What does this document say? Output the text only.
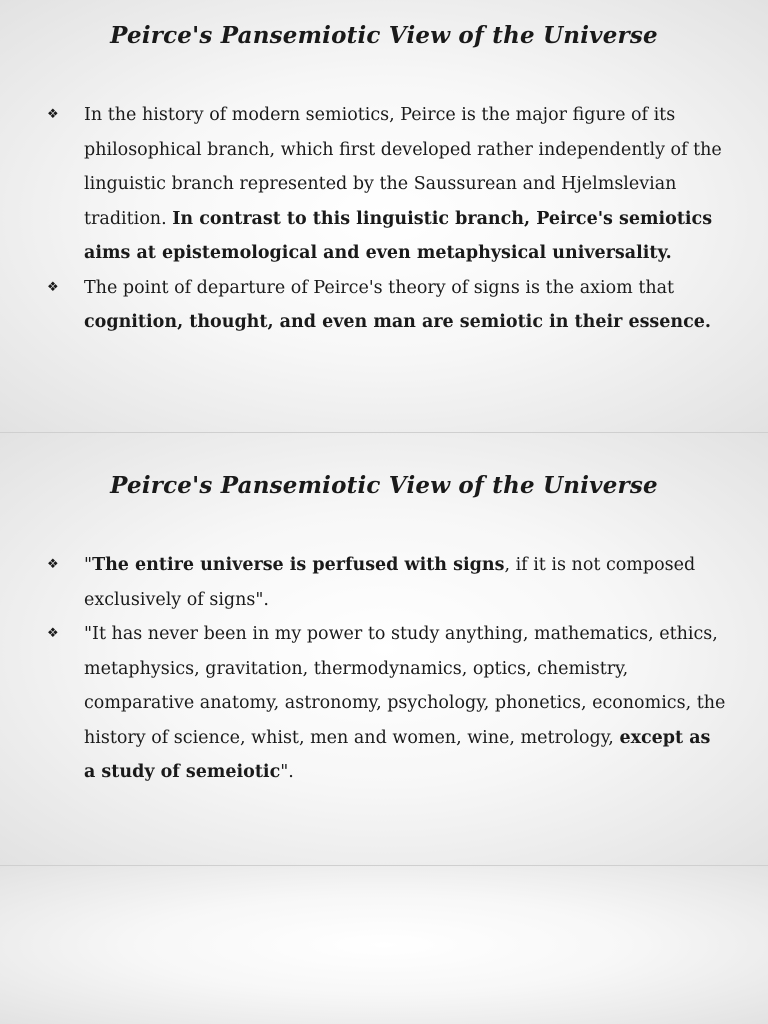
Peirce's Pansemiotic View of the Universe
❖ In the history of modern semiotics, Peirce is the major figure of its philosophical branch, which first developed rather independently of the linguistic branch represented by the Saussurean and Hjelmslevian tradition. In contrast to this linguistic branch, Peirce's semiotics aims at epistemological and even metaphysical universality.
❖ The point of departure of Peirce's theory of signs is the axiom that cognition, thought, and even man are semiotic in their essence.
Peirce's Pansemiotic View of the Universe
❖ "The entire universe is perfused with signs, if it is not composed exclusively of signs".
❖ "It has never been in my power to study anything, mathematics, ethics, metaphysics, gravitation, thermodynamics, optics, chemistry, comparative anatomy, astronomy, psychology, phonetics, economics, the history of science, whist, men and women, wine, metrology, except as a study of semeiotic".
